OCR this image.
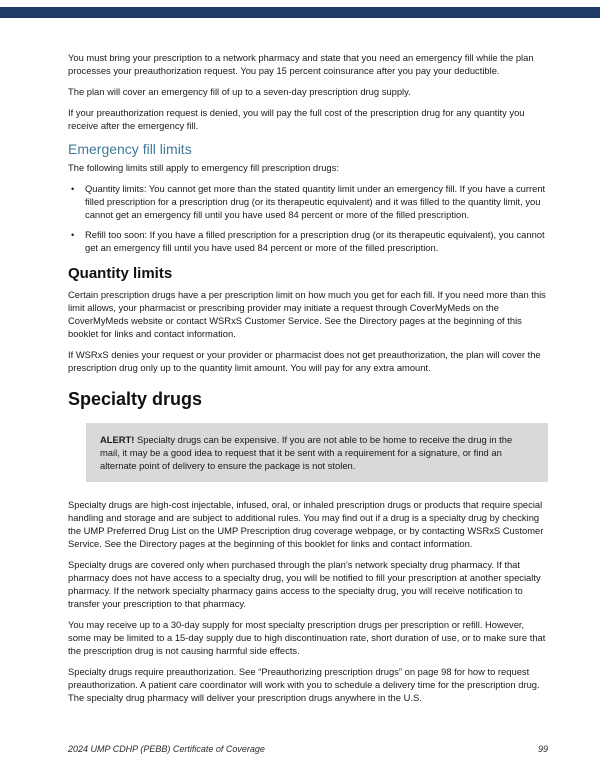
You must bring your prescription to a network pharmacy and state that you need an emergency fill while the plan processes your preauthorization request. You pay 15 percent coinsurance after you pay your deductible.

The plan will cover an emergency fill of up to a seven-day prescription drug supply.

If your preauthorization request is denied, you will pay the full cost of the prescription drug for any quantity you receive after the emergency fill.

Emergency fill limits

The following limits still apply to emergency fill prescription drugs:

• Quantity limits: You cannot get more than the stated quantity limit under an emergency fill. If you have a current filled prescription for a prescription drug (or its therapeutic equivalent) and it was filled to the quantity limit, you cannot get an emergency fill until you have used 84 percent or more of the filled prescription.
• Refill too soon: If you have a filled prescription for a prescription drug (or its therapeutic equivalent), you cannot get an emergency fill until you have used 84 percent or more of the filled prescription.
Quantity limits

Certain prescription drugs have a per prescription limit on how much you get for each fill. If you need more than this limit allows, your pharmacist or prescribing provider may initiate a request through CoverMyMeds on the CoverMyMeds website or contact WSRxS Customer Service. See the Directory pages at the beginning of this booklet for links and contact information.

If WSRxS denies your request or your provider or pharmacist does not get preauthorization, the plan will cover the prescription drug only up to the quantity limit amount. You will pay for any extra amount.

Specialty drugs

ALERT! Specialty drugs can be expensive. If you are not able to be home to receive the drug in the mail, it may be a good idea to request that it be sent with a requirement for a signature, or find an alternate point of delivery to ensure the package is not stolen.

Specialty drugs are high-cost injectable, infused, oral, or inhaled prescription drugs or products that require special handling and storage and are subject to additional rules. You may find out if a drug is a specialty drug by checking the UMP Preferred Drug List on the UMP Prescription drug coverage webpage, or by contacting WSRxS Customer Service. See the Directory pages at the beginning of this booklet for links and contact information.

Specialty drugs are covered only when purchased through the plan’s network specialty drug pharmacy. If that pharmacy does not have access to a specialty drug, you will be notified to fill your prescription at another specialty pharmacy. If the network specialty pharmacy gains access to the specialty drug, you will receive notification to transfer your prescription to that pharmacy.

You may receive up to a 30-day supply for most specialty prescription drugs per prescription or refill. However, some may be limited to a 15-day supply due to high discontinuation rate, short duration of use, or to make sure that the prescription drug is not causing harmful side effects.

Specialty drugs require preauthorization. See “Preauthorizing prescription drugs” on page 98 for how to request preauthorization. A patient care coordinator will work with you to schedule a delivery time for the prescription drug. The specialty drug pharmacy will deliver your prescription drugs anywhere in the U.S.

2024 UMP CDHP (PEBB) Certificate of Coverage	99
